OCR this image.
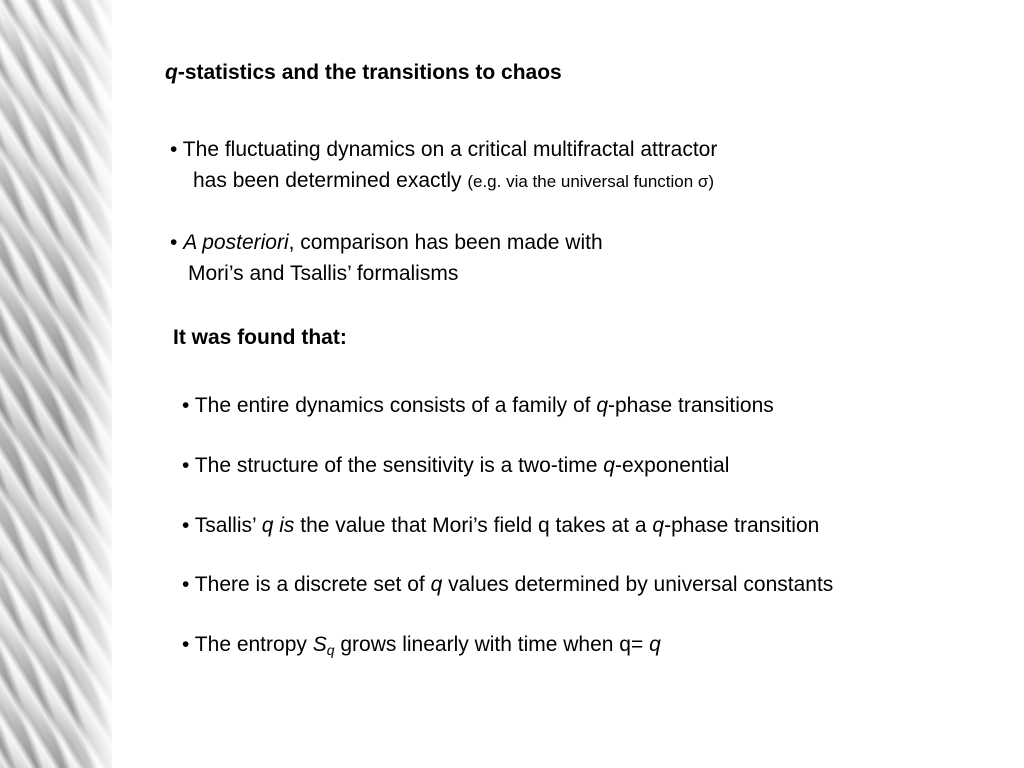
q-statistics and the transitions to chaos
• The fluctuating dynamics on a critical multifractal attractor
has been determined exactly (e.g. via the universal function σ)
• A posteriori, comparison has been made with
Mori’s and Tsallis’ formalisms
It was found that:
• The entire dynamics consists of a family of q-phase transitions
• The structure of the sensitivity is a two-time q-exponential
• Tsallis’ q is the value that Mori’s field q takes at a q-phase transition
• There is a discrete set of q values determined by universal constants
• The entropy Sq grows linearly with time when q= q
